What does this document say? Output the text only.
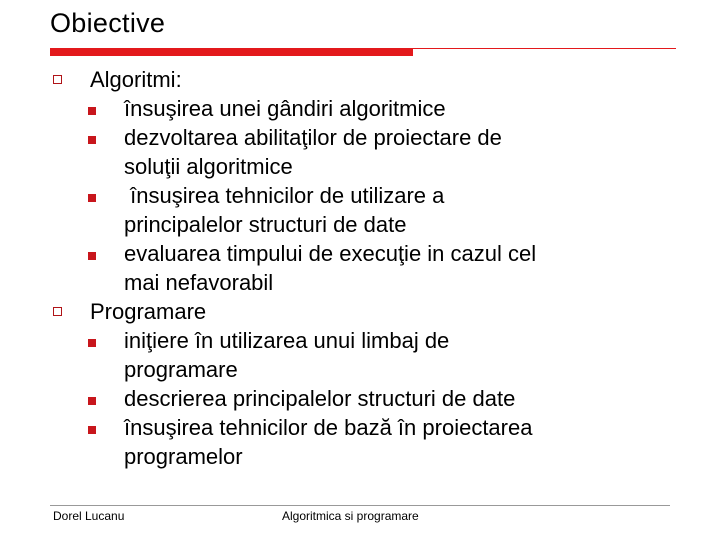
Obiective
Algoritmi:
însuşirea unei gândiri algoritmice
dezvoltarea abilitaţilor de proiectare de
soluţii algoritmice
însuşirea tehnicilor de utilizare a
principalelor structuri de date
evaluarea timpului de execuţie in cazul cel
mai nefavorabil
Programare
iniţiere în utilizarea unui limbaj de
programare
descrierea principalelor structuri de date
însuşirea tehnicilor de bază în proiectarea
programelor
Dorel Lucanu	Algoritmica si programare
